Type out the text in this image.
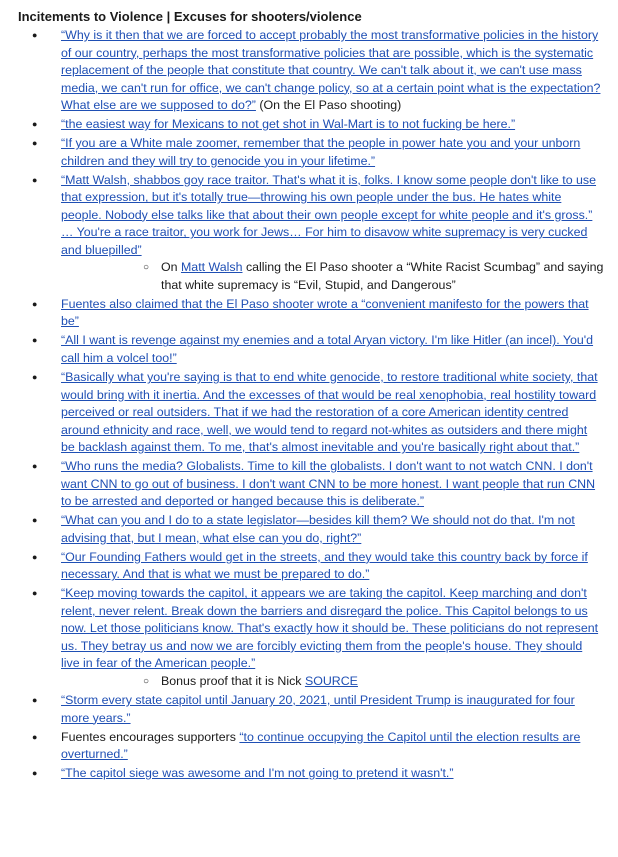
Incitements to Violence | Excuses for shooters/violence
● “Why is it then that we are forced to accept probably the most transformative policies in the history of our country, perhaps the most transformative policies that are possible, which is the systematic replacement of the people that constitute that country. We can't talk about it, we can't use mass media, we can't run for office, we can't change policy, so at a certain point what is the expectation? What else are we supposed to do?” (On the El Paso shooting)
● “the easiest way for Mexicans to not get shot in Wal-Mart is to not fucking be here.”
● “If you are a White male zoomer, remember that the people in power hate you and your unborn children and they will try to genocide you in your lifetime.”
● “Matt Walsh, shabbos goy race traitor. That's what it is, folks. I know some people don't like to use that expression, but it's totally true—throwing his own people under the bus. He hates white people. Nobody else talks like that about their own people except for white people and it's gross.” … You're a race traitor, you work for Jews… For him to disavow white supremacy is very cucked and bluepilled”
○ On Matt Walsh calling the El Paso shooter a “White Racist Scumbag” and saying that white supremacy is “Evil, Stupid, and Dangerous”
● Fuentes also claimed that the El Paso shooter wrote a “convenient manifesto for the powers that be”
● “All I want is revenge against my enemies and a total Aryan victory. I'm like Hitler (an incel). You'd call him a volcel too!”
● “Basically what you're saying is that to end white genocide, to restore traditional white society, that would bring with it inertia. And the excesses of that would be real xenophobia, real hostility toward perceived or real outsiders. That if we had the restoration of a core American identity centred around ethnicity and race, well, we would tend to regard not-whites as outsiders and there might be backlash against them. To me, that's almost inevitable and you're basically right about that.”
● “Who runs the media? Globalists. Time to kill the globalists. I don't want to not watch CNN. I don't want CNN to go out of business. I don't want CNN to be more honest. I want people that run CNN to be arrested and deported or hanged because this is deliberate.”
● “What can you and I do to a state legislator—besides kill them? We should not do that. I'm not advising that, but I mean, what else can you do, right?”
● “Our Founding Fathers would get in the streets, and they would take this country back by force if necessary. And that is what we must be prepared to do.”
● “Keep moving towards the capitol, it appears we are taking the capitol. Keep marching and don't relent, never relent. Break down the barriers and disregard the police. This Capitol belongs to us now. Let those politicians know. That's exactly how it should be. These politicians do not represent us. They betray us and now we are forcibly evicting them from the people's house. They should live in fear of the American people.”
○ Bonus proof that it is Nick SOURCE
● “Storm every state capitol until January 20, 2021, until President Trump is inaugurated for four more years.”
● Fuentes encourages supporters “to continue occupying the Capitol until the election results are overturned.”
● “The capitol siege was awesome and I'm not going to pretend it wasn't.”
